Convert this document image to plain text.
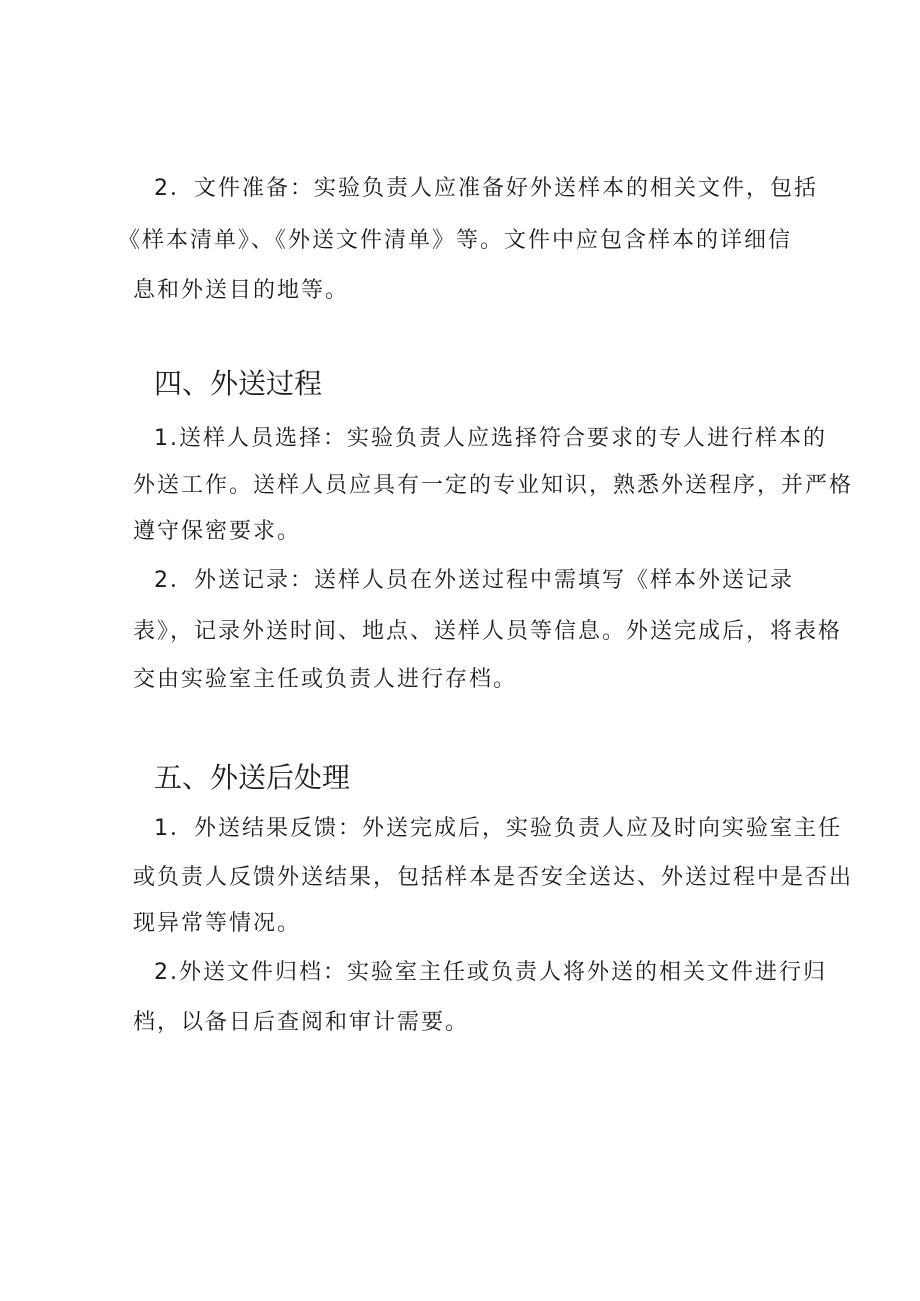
2．文件准备：实验负责人应准备好外送样本的相关文件，包括
《样本清单》、《外送文件清单》等。文件中应包含样本的详细信
息和外送目的地等。
四、外送过程
1.送样人员选择：实验负责人应选择符合要求的专人进行样本的
外送工作。送样人员应具有一定的专业知识，熟悉外送程序，并严格
遵守保密要求。
2．外送记录：送样人员在外送过程中需填写《样本外送记录
表》，记录外送时间、地点、送样人员等信息。外送完成后，将表格
交由实验室主任或负责人进行存档。
五、外送后处理
1．外送结果反馈：外送完成后，实验负责人应及时向实验室主任
或负责人反馈外送结果，包括样本是否安全送达、外送过程中是否出
现异常等情况。
2.外送文件归档：实验室主任或负责人将外送的相关文件进行归
档，以备日后查阅和审计需要。
